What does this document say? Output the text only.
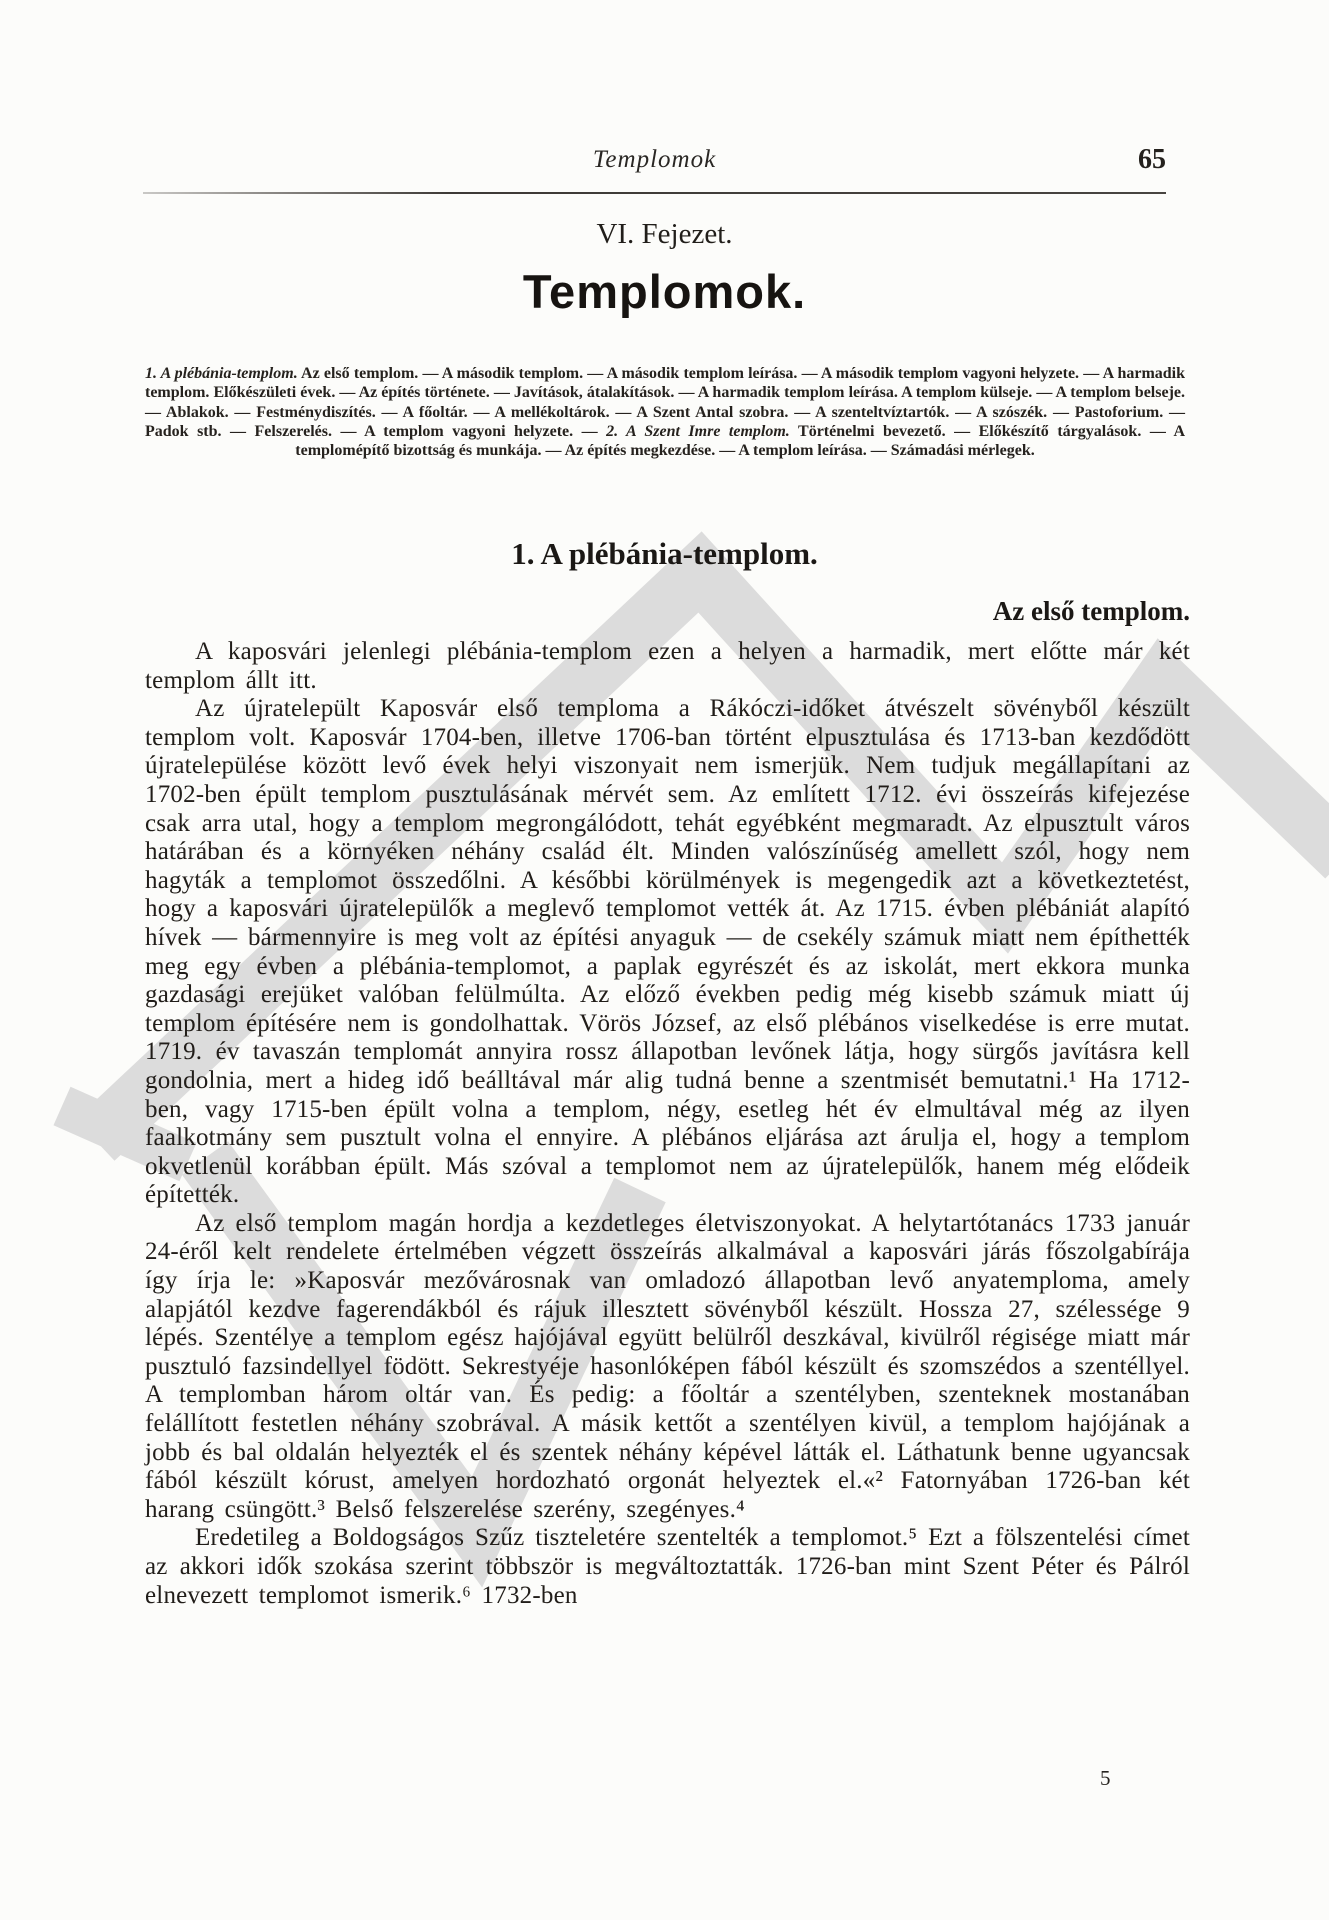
Templomok	65
VI. Fejezet.
Templomok.

1. A plébánia-templom. Az első templom. — A második templom. — A második templom leírása. — A második templom vagyoni helyzete. — A harmadik templom. Előkészületi évek. — Az építés története. — Javítások, átalakítások. — A harmadik templom leírása. A templom külseje. — A templom belseje. — Ablakok. — Festménydiszítés. — A főoltár. — A mellékoltárok. — A Szent Antal szobra. — A szenteltvíztartók. — A szószék. — Pastoforium. — Padok stb. — Felszerelés. — A templom vagyoni helyzete. — 2. A Szent Imre templom. Történelmi bevezető. — Előkészítő tárgyalások. — A templomépítő bizottság és munkája. — Az építés megkezdése. — A templom leírása. — Számadási mérlegek.

1. A plébánia-templom.
Az első templom.

A kaposvári jelenlegi plébánia-templom ezen a helyen a harmadik, mert előtte már két templom állt itt.

Az újratelepült Kaposvár első temploma a Rákóczi-időket átvészelt sövényből készült templom volt. Kaposvár 1704-ben, illetve 1706-ban történt elpusztulása és 1713-ban kezdődött újratelepülése között levő évek helyi viszonyait nem ismerjük. Nem tudjuk megállapítani az 1702-ben épült templom pusztulásának mérvét sem. Az említett 1712. évi összeírás kifejezése csak arra utal, hogy a templom megrongálódott, tehát egyébként megmaradt. Az elpusztult város határában és a környéken néhány család élt. Minden valószínűség amellett szól, hogy nem hagyták a templomot összedőlni. A későbbi körülmények is megengedik azt a következtetést, hogy a kaposvári újratelepülők a meglevő templomot vették át. Az 1715. évben plébániát alapító hívek — bármennyire is meg volt az építési anyaguk — de csekély számuk miatt nem építhették meg egy évben a plébánia-templomot, a paplak egyrészét és az iskolát, mert ekkora munka gazdasági erejüket valóban felülmúlta. Az előző években pedig még kisebb számuk miatt új templom építésére nem is gondolhattak. Vörös József, az első plébános viselkedése is erre mutat. 1719. év tavaszán templomát annyira rossz állapotban levőnek látja, hogy sürgős javításra kell gondolnia, mert a hideg idő beálltával már alig tudná benne a szentmisét bemutatni.¹ Ha 1712-ben, vagy 1715-ben épült volna a templom, négy, esetleg hét év elmultával még az ilyen faalkotmány sem pusztult volna el ennyire. A plébános eljárása azt árulja el, hogy a templom okvetlenül korábban épült. Más szóval a templomot nem az újratelepülők, hanem még elődeik építették.

Az első templom magán hordja a kezdetleges életviszonyokat. A helytartótanács 1733 január 24-éről kelt rendelete értelmében végzett összeírás alkalmával a kaposvári járás főszolgabírája így írja le: »Kaposvár mezővárosnak van omladozó állapotban levő anyatemploma, amely alapjától kezdve fagerendákból és rájuk illesztett sövényből készült. Hossza 27, szélessége 9 lépés. Szentélye a templom egész hajójával együtt belülről deszkával, kivülről régisége miatt már pusztuló fazsindellyel födött. Sekrestyéje hasonlóképen fából készült és szomszédos a szentéllyel. A templomban három oltár van. És pedig: a főoltár a szentélyben, szenteknek mostanában felállított festetlen néhány szobrával. A másik kettőt a szentélyen kivül, a templom hajójának a jobb és bal oldalán helyezték el és szentek néhány képével látták el. Láthatunk benne ugyancsak fából készült kórust, amelyen hordozható orgonát helyeztek el.«² Fatornyában 1726-ban két harang csüngött.³ Belső felszerelése szerény, szegényes.⁴

Eredetileg a Boldogságos Szűz tiszteletére szentelték a templomot.⁵ Ezt a fölszentelési címet az akkori idők szokása szerint többször is megváltoztatták. 1726-ban mint Szent Péter és Pálról elnevezett templomot ismerik.⁶ 1732-ben

5
